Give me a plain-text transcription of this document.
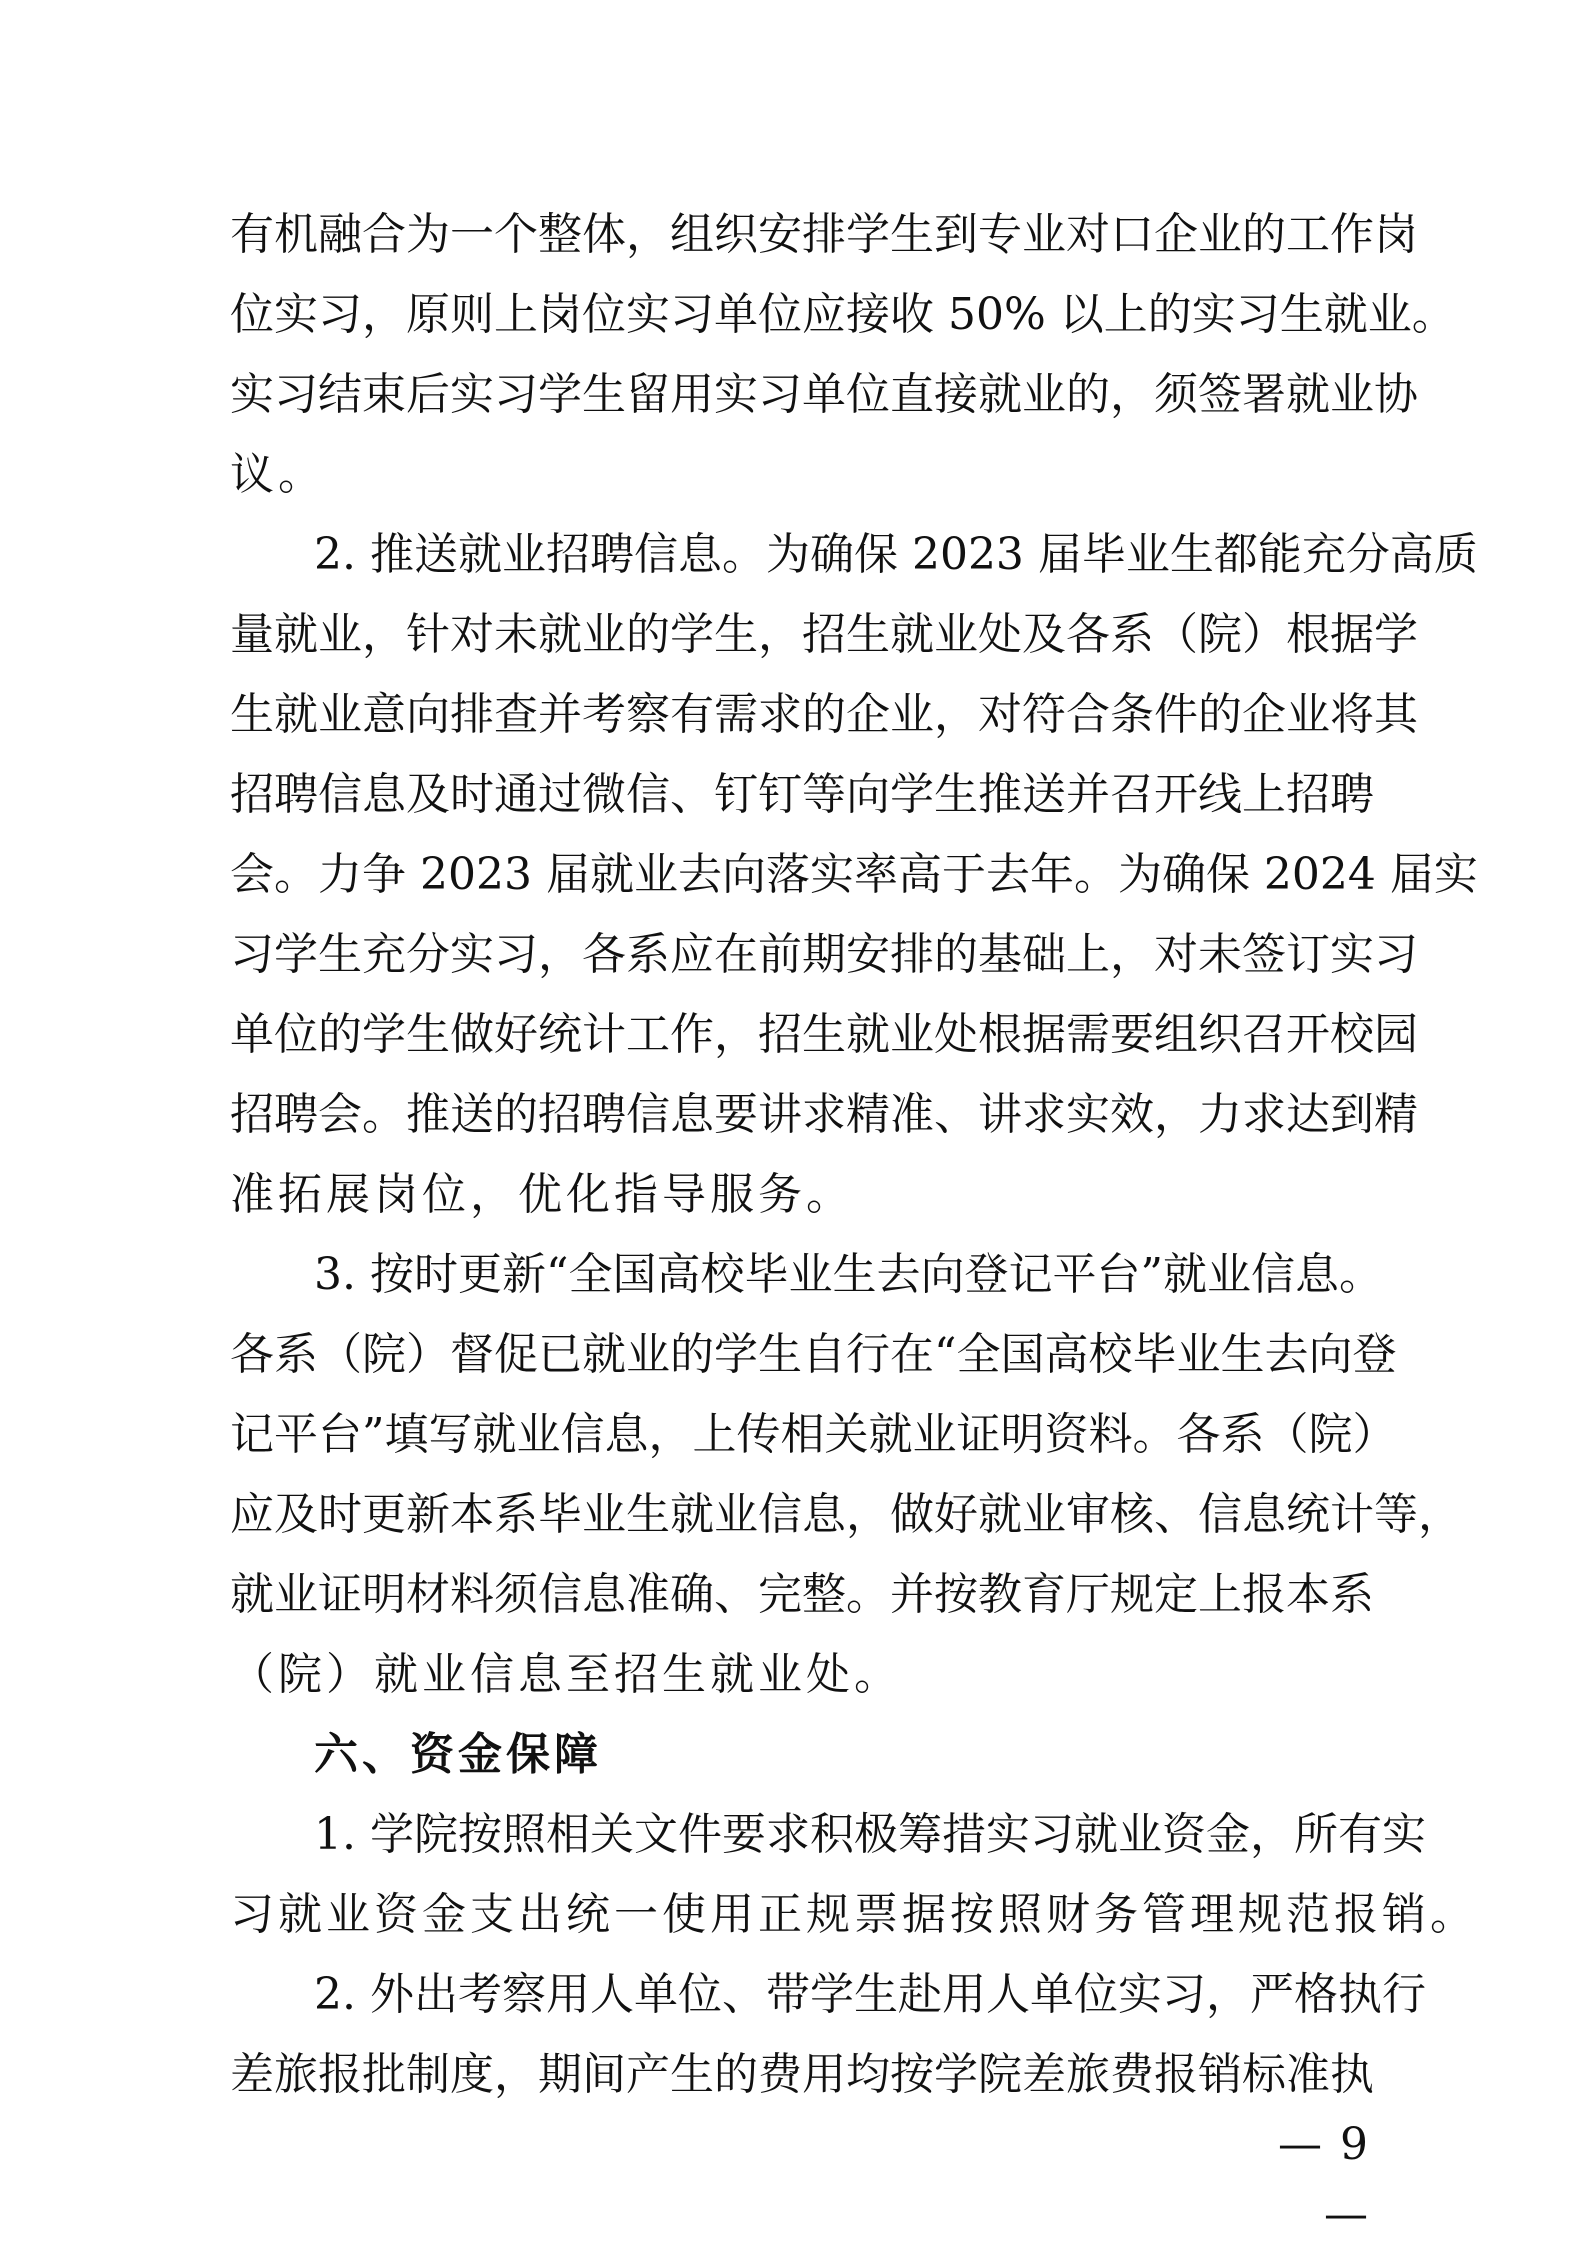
有机融合为一个整体，组织安排学生到专业对口企业的工作岗
位实习，原则上岗位实习单位应接收 50% 以上的实习生就业。
实习结束后实习学生留用实习单位直接就业的，须签署就业协
议。
2. 推送就业招聘信息。为确保 2023 届毕业生都能充分高质
量就业，针对未就业的学生，招生就业处及各系（院）根据学
生就业意向排查并考察有需求的企业，对符合条件的企业将其
招聘信息及时通过微信、钉钉等向学生推送并召开线上招聘
会。力争 2023 届就业去向落实率高于去年。为确保 2024 届实
习学生充分实习，各系应在前期安排的基础上，对未签订实习
单位的学生做好统计工作，招生就业处根据需要组织召开校园
招聘会。推送的招聘信息要讲求精准、讲求实效，力求达到精
准拓展岗位，优化指导服务。
3. 按时更新“全国高校毕业生去向登记平台”就业信息。
各系（院）督促已就业的学生自行在“全国高校毕业生去向登
记平台”填写就业信息，上传相关就业证明资料。各系（院）
应及时更新本系毕业生就业信息，做好就业审核、信息统计等，
就业证明材料须信息准确、完整。并按教育厅规定上报本系
（院）就业信息至招生就业处。
六、资金保障
1. 学院按照相关文件要求积极筹措实习就业资金，所有实
习就业资金支出统一使用正规票据按照财务管理规范报销。
2. 外出考察用人单位、带学生赴用人单位实习，严格执行
差旅报批制度，期间产生的费用均按学院差旅费报销标准执
— 9 —
